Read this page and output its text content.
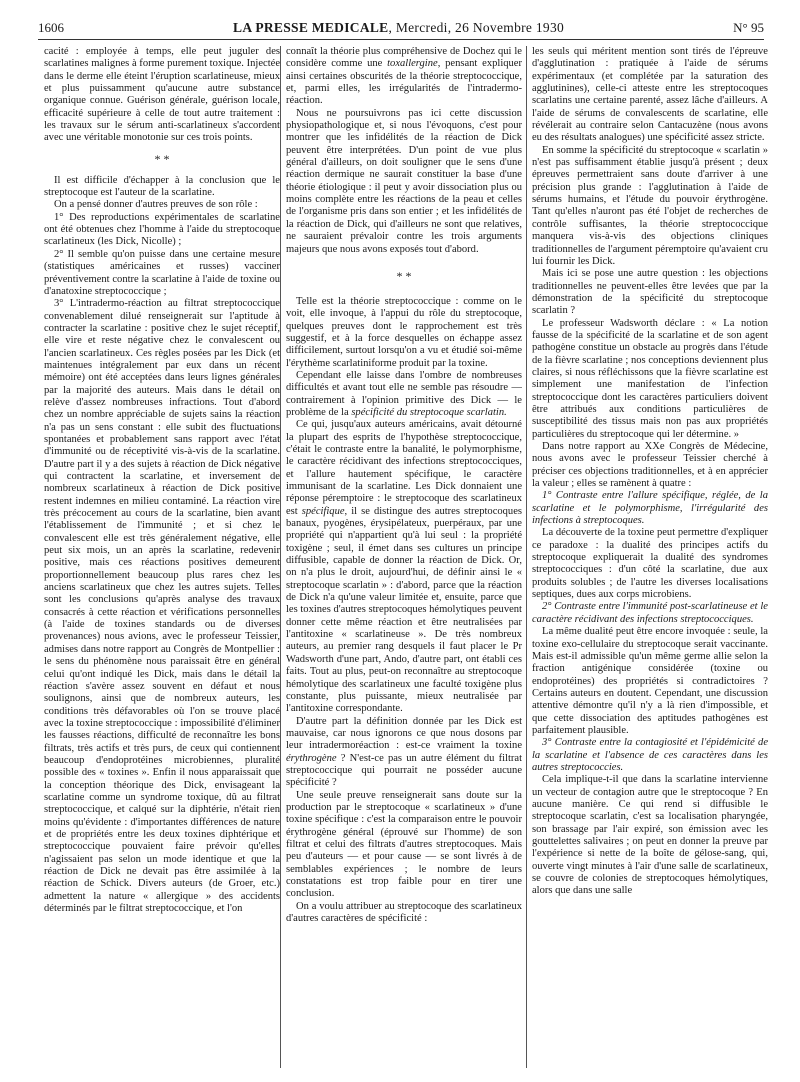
1606	LA PRESSE MEDICALE, Mercredi, 26 Novembre 1930	N° 95

cacité : employée à temps, elle peut juguler des scarlatines malignes à forme purement toxique. Injectée dans le derme elle éteint l'éruption scarlatineuse, mieux et plus puissamment qu'aucune autre substance organique connue. Guérison générale, guérison locale, efficacité supérieure à celle de tout autre traitement : les travaux sur le sérum anti-scarlatineux s'accordent avec une véritable monotonie sur ces trois points.

* *

Il est difficile d'échapper à la conclusion que le streptocoque est l'auteur de la scarlatine.

On a pensé donner d'autres preuves de son rôle :

1° Des reproductions expérimentales de scarlatine ont été obtenues chez l'homme à l'aide du streptocoque scarlatineux (les Dick, Nicolle) ;

2° Il semble qu'on puisse dans une certaine mesure (statistiques américaines et russes) vacciner préventivement contre la scarlatine à l'aide de toxine ou d'anatoxine streptococcique ;

3° L'intradermo-réaction au filtrat streptococcique convenablement dilué renseignerait sur l'aptitude à contracter la scarlatine : positive chez le sujet réceptif, elle vire et reste négative chez le convalescent ou l'ancien scarlatineux. Ces règles posées par les Dick (et maintenues intégralement par eux dans un récent mémoire) ont été acceptées dans leurs lignes générales par la majorité des auteurs. Mais dans le détail on relève d'assez nombreuses infractions. Tout d'abord chez un nombre appréciable de sujets sains la réaction n'a pas un sens constant : elle subit des fluctuations spontanées et probablement sans rapport avec l'état d'immunité ou de réceptivité vis-à-vis de la scarlatine. D'autre part il y a des sujets à réaction de Dick négative qui contractent la scarlatine, et inversement de nombreux scarlatineux à réaction de Dick positive restent indemnes en milieu contaminé. La réaction vire très précocement au cours de la scarlatine, bien avant l'établissement de l'immunité ; et si chez le convalescent elle est très généralement négative, elle peut six mois, un an après la scarlatine, redevenir positive, mais ces réactions positives demeurent proportionnellement beaucoup plus rares chez les anciens scarlatineux que chez les autres sujets. Telles sont les conclusions qu'après analyse des travaux consacrés à cette réaction et vérifications personnelles (à l'aide de toxines standards ou de diverses provenances) nous avions, avec le professeur Teissier, admises dans notre rapport au Congrès de Montpellier : le sens du phénomène nous paraissait être en général celui qu'ont indiqué les Dick, mais dans le détail la réaction s'avère assez souvent en défaut et nous soulignons, ainsi que de nombreux auteurs, les conditions très défavorables où l'on se trouve placé avec la toxine streptococcique : impossibilité d'éliminer les fausses réactions, difficulté de reconnaître les bons filtrats, très actifs et très purs, de ceux qui contiennent beaucoup d'endoprotéines microbiennes, pluralité possible des « toxines ». Enfin il nous apparaissait que la conception théorique des Dick, envisageant la scarlatine comme un syndrome toxique, dû au filtrat streptococcique, et calqué sur la diphtérie, n'était rien moins qu'évidente : d'importantes différences de nature et de propriétés entre les deux toxines diphtérique et streptococcique pouvaient faire prévoir qu'elles n'agissaient pas selon un mode identique et que la réaction de Dick ne devait pas être assimilée à la réaction de Schick. Divers auteurs (de Groer, etc.) admettent la nature « allergique » des accidents déterminés par le filtrat streptococcique, et l'on

connaît la théorie plus compréhensive de Dochez qui le considère comme une toxallergine, pensant expliquer ainsi certaines obscurités de la théorie streptococcique, et, parmi elles, les irrégularités de l'intradermo-réaction.

Nous ne poursuivrons pas ici cette discussion physiopathologique et, si nous l'évoquons, c'est pour montrer que les infidélités de la réaction de Dick peuvent être interprétées. D'un point de vue plus général d'ailleurs, on doit souligner que le sens d'une réaction dermique ne saurait constituer la base d'une théorie étiologique : il peut y avoir dissociation plus ou moins complète entre les réactions de la peau et celles de l'organisme pris dans son entier ; et les infidélités de la réaction de Dick, qui d'ailleurs ne sont que relatives, ne sauraient prévaloir contre les trois arguments majeurs que nous avons exposés tout d'abord.

* *

Telle est la théorie streptococcique : comme on le voit, elle invoque, à l'appui du rôle du streptocoque, quelques preuves dont le rapprochement est très suggestif, et à la force desquelles on échappe assez difficilement, surtout lorsqu'on a vu et étudié soi-même l'érythème scarlatiniforme produit par la toxine.

Cependant elle laisse dans l'ombre de nombreuses difficultés et avant tout elle ne semble pas résoudre — contrairement à l'opinion primitive des Dick — le problème de la spécificité du streptocoque scarlatin.

Ce qui, jusqu'aux auteurs américains, avait détourné la plupart des esprits de l'hypothèse streptococcique, c'était le contraste entre la banalité, le polymorphisme, le caractère récidivant des infections streptococciques, et l'allure hautement spécifique, le caractère immunisant de la scarlatine. Les Dick donnaient une réponse péremptoire : le streptocoque des scarlatineux est spécifique, il se distingue des autres streptocoques banaux, pyogènes, érysipélateux, puerpéraux, par une propriété qui n'appartient qu'à lui seul : la propriété toxigène ; seul, il émet dans ses cultures un principe diffusible, capable de donner la réaction de Dick. Or, on n'a plus le droit, aujourd'hui, de définir ainsi le « streptocoque scarlatin » : d'abord, parce que la réaction de Dick n'a qu'une valeur limitée et, ensuite, parce que les toxines d'autres streptocoques hémolytiques peuvent donner cette même réaction et être neutralisées par l'antitoxine « scarlatineuse ». De très nombreux auteurs, au premier rang desquels il faut placer le Pr Wadsworth d'une part, Ando, d'autre part, ont établi ces faits. Tout au plus, peut-on reconnaître au streptocoque hémolytique des scarlatineux une faculté toxigène plus constante, plus puissante, mieux neutralisée par l'antitoxine correspondante.

D'autre part la définition donnée par les Dick est mauvaise, car nous ignorons ce que nous dosons par leur intradermoréaction : est-ce vraiment la toxine érythrogène ? N'est-ce pas un autre élément du filtrat streptococcique qui pourrait ne posséder aucune spécificité ?

Une seule preuve renseignerait sans doute sur la production par le streptocoque « scarlatineux » d'une toxine spécifique : c'est la comparaison entre le pouvoir érythrogène général (éprouvé sur l'homme) de son filtrat et celui des filtrats d'autres streptocoques. Mais peu d'auteurs — et pour cause — se sont livrés à de semblables expériences ; le nombre de leurs constatations est trop faible pour en tirer une conclusion.

On a voulu attribuer au streptocoque des scarlatineux d'autres caractères de spécificité :

les seuls qui méritent mention sont tirés de l'épreuve d'agglutination : pratiquée à l'aide de sérums expérimentaux (et complétée par la saturation des agglutinines), celle-ci atteste entre les streptocoques scarlatins une certaine parenté, assez lâche d'ailleurs. A l'aide de sérums de convalescents de scarlatine, elle révélerait au contraire selon Cantacuzène (nous avons eu des résultats analogues) une spécificité assez stricte.

En somme la spécificité du streptocoque « scarlatin » n'est pas suffisamment établie jusqu'à présent ; deux épreuves permettraient sans doute d'arriver à une précision plus grande : l'agglutination à l'aide de sérums humains, et l'étude du pouvoir érythrogène. Tant qu'elles n'auront pas été l'objet de recherches de contrôle suffisantes, la théorie streptococcique manquera vis-à-vis des objections cliniques traditionnelles de l'argument péremptoire qu'avaient cru lui fournir les Dick.

Mais ici se pose une autre question : les objections traditionnelles ne peuvent-elles être levées que par la démonstration de la spécificité du streptocoque scarlatin ?

Le professeur Wadsworth déclare : « La notion fausse de la spécificité de la scarlatine et de son agent pathogène constitue un obstacle au progrès dans l'étude de la fièvre scarlatine ; nos conceptions deviennent plus claires, si nous réfléchissons que la fièvre scarlatine est simplement une manifestation de l'infection streptococcique dont les caractères particuliers doivent être attribués aux conditions particulières de susceptibilité des tissus mais non pas aux propriétés particulières du streptocoque qui ler détermine. »

Dans notre rapport au XXe Congrès de Médecine, nous avons avec le professeur Teissier cherché à préciser ces objections traditionnelles, et à en apprécier la valeur ; elles se ramènent à quatre :

1° Contraste entre l'allure spécifique, réglée, de la scarlatine et le polymorphisme, l'irrégularité des infections à streptocoques.

La découverte de la toxine peut permettre d'expliquer ce paradoxe : la dualité des principes actifs du streptocoque expliquerait la dualité des syndromes streptococciques : d'un côté la scarlatine, due aux produits solubles ; de l'autre les diverses localisations septiques, dues aux corps microbiens.

2° Contraste entre l'immunité post-scarlatineuse et le caractère récidivant des infections streptococciques.

La même dualité peut être encore invoquée : seule, la toxine exo-cellulaire du streptocoque serait vaccinante. Mais est-il admissible qu'un même germe allie selon la fraction antigénique considérée (toxine ou endoprotéines) des propriétés si contradictoires ? Certains auteurs en doutent. Cependant, une discussion attentive démontre qu'il n'y a là rien d'impossible, et que cette dissociation des aptitudes pathogènes est parfaitement plausible.

3° Contraste entre la contagiosité et l'épidémicité de la scarlatine et l'absence de ces caractères dans les autres streptococcies.

Cela implique-t-il que dans la scarlatine intervienne un vecteur de contagion autre que le streptocoque ? En aucune manière. Ce qui rend si diffusible le streptocoque scarlatin, c'est sa localisation pharyngée, son brassage par l'air expiré, son émission avec les gouttelettes salivaires ; on peut en donner la preuve par l'expérience si nette de la boîte de gélose-sang, qui, ouverte vingt minutes à l'air d'une salle de scarlatineux, se couvre de colonies de streptocoques hémolytiques, alors que dans une salle
